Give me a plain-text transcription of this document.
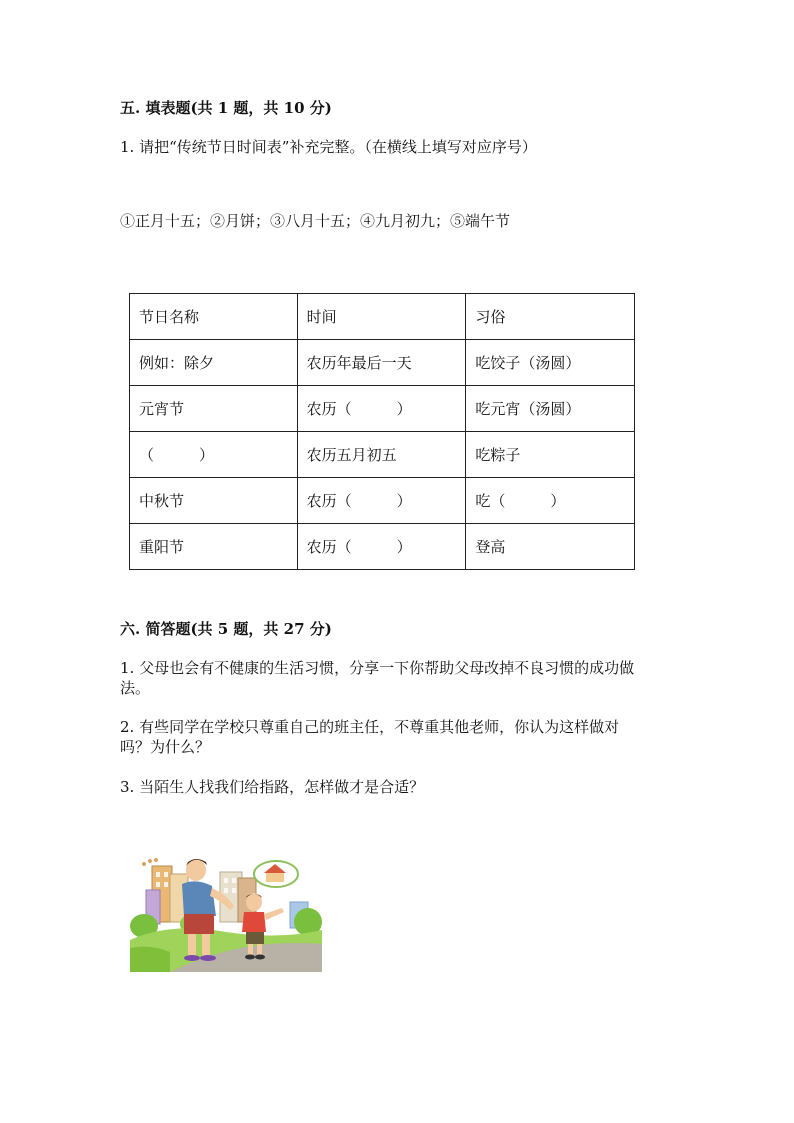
五. 填表题(共 1 题，共 10 分)
1. 请把“传统节日时间表”补充完整。（在横线上填写对应序号）
①正月十五；②月饼；③八月十五；④九月初九；⑤端午节
节日名称	时间	习俗
例如：除夕	农历年最后一天	吃饺子（汤圆）
元宵节	农历（　　　）	吃元宵（汤圆）
（　　　）	农历五月初五	吃粽子
中秋节	农历（　　　）	吃（　　　）
重阳节	农历（　　　）	登高
六. 简答题(共 5 题，共 27 分)
1. 父母也会有不健康的生活习惯，分享一下你帮助父母改掉不良习惯的成功做
法。
2. 有些同学在学校只尊重自己的班主任，不尊重其他老师，你认为这样做对
吗？为什么？
3. 当陌生人找我们给指路，怎样做才是合适？
